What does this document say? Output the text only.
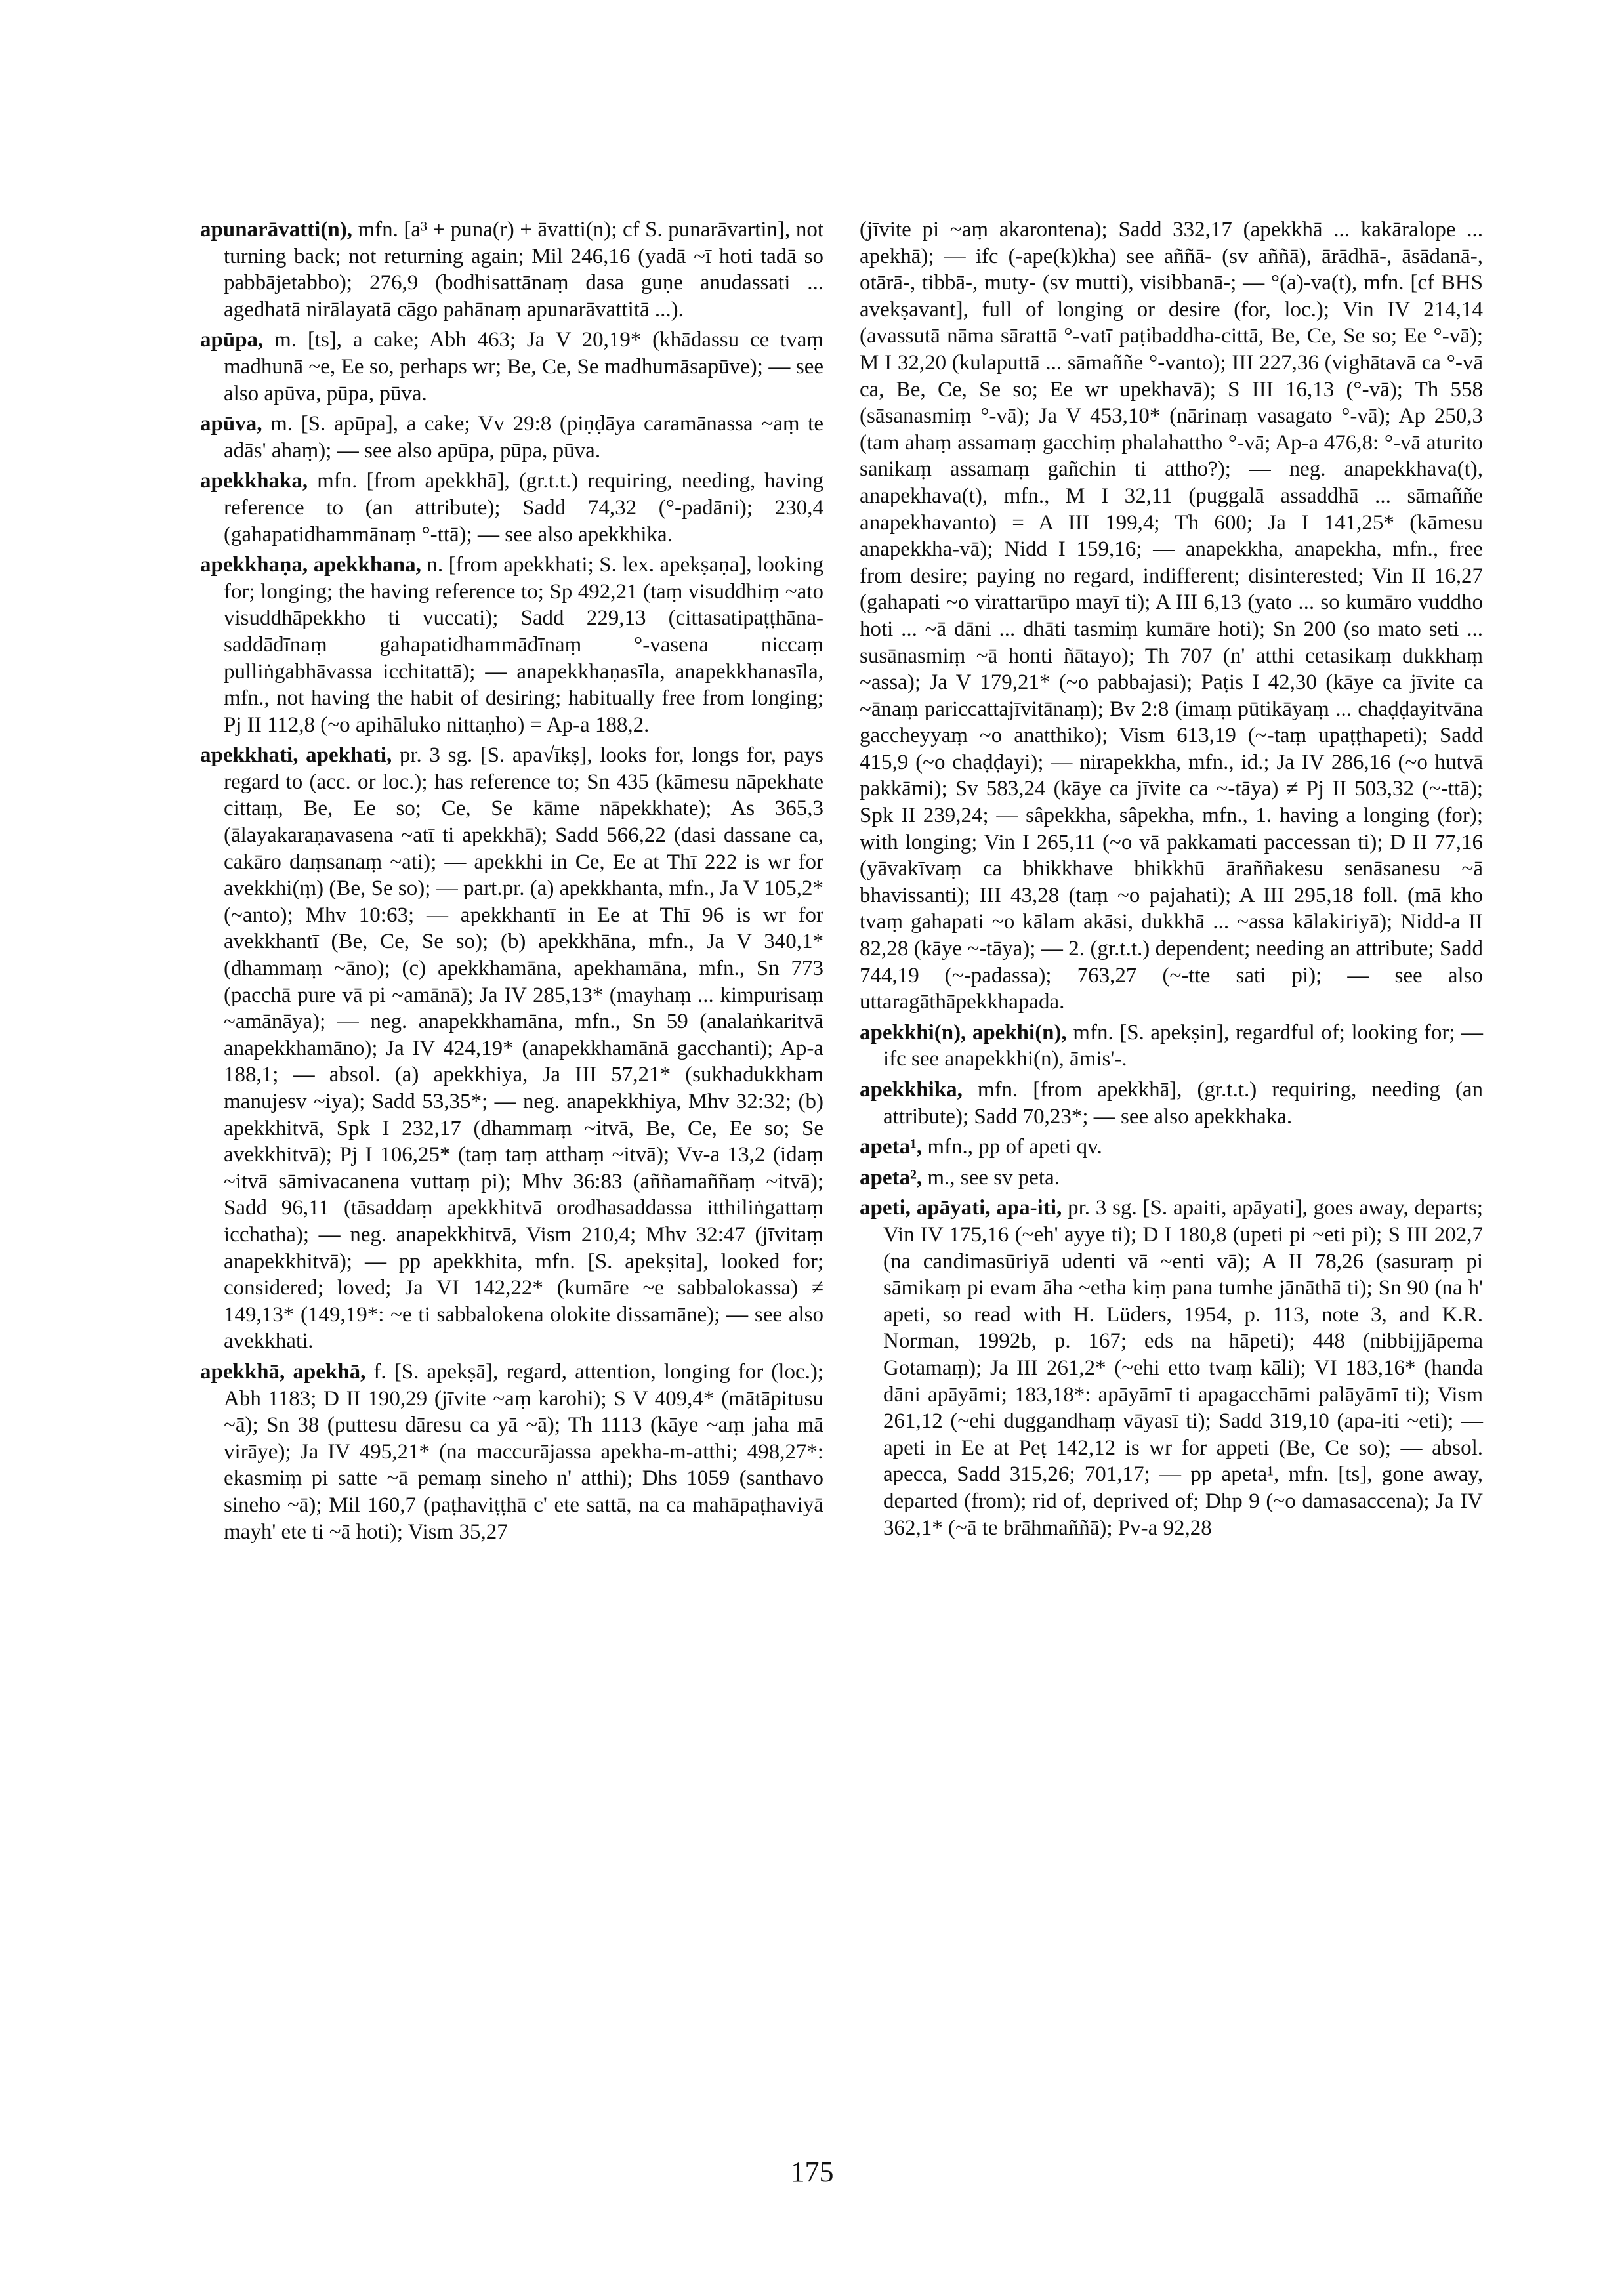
apunarāvatti(n), mfn. [a³ + puna(r) + āvatti(n); cf S. punarāvartin], not turning back; not returning again; Mil 246,16 (yadā ~ī hoti tadā so pabbājetabbo); 276,9 (bodhisattānaṃ dasa guṇe anudassati ... agedhatā nirālayatā cāgo pahānaṃ apunarāvattitā ...).

apūpa, m. [ts], a cake; Abh 463; Ja V 20,19* (khādassu ce tvaṃ madhunā ~e, Ee so, perhaps wr; Be, Ce, Se madhumāsapūve); — see also apūva, pūpa, pūva.

apūva, m. [S. apūpa], a cake; Vv 29:8 (piṇḍāya caramānassa ~aṃ te adās' ahaṃ); — see also apūpa, pūpa, pūva.

apekkhaka, mfn. [from apekkhā], (gr.t.t.) requiring, needing, having reference to (an attribute); Sadd 74,32 (°-padāni); 230,4 (gahapatidhammānaṃ °-ttā); — see also apekkhika.

apekkhaṇa, apekkhana, n. [from apekkhati; S. lex. apekṣaṇa], looking for; longing; the having reference to; Sp 492,21 (taṃ visuddhiṃ ~ato visuddhāpekkho ti vuccati); Sadd 229,13 (cittasatipaṭṭhāna-saddādīnaṃ gahapatidhammādīnaṃ °-vasena niccaṃ pulliṅgabhāvassa icchitattā); — anapekkhaṇasīla, anapekkhanasīla, mfn., not having the habit of desiring; habitually free from longing; Pj II 112,8 (~o apihāluko nittaṇho) = Ap-a 188,2.

apekkhati, apekhati, pr. 3 sg. [S. apa√īkṣ], looks for, longs for, pays regard to (acc. or loc.); has reference to; Sn 435 (kāmesu nāpekhate cittaṃ, Be, Ee so; Ce, Se kāme nāpekkhate); As 365,3 (ālayakaraṇavasena ~atī ti apekkhā); Sadd 566,22 (dasi dassane ca, cakāro daṃsanaṃ ~ati); — apekkhi in Ce, Ee at Thī 222 is wr for avekkhi(ṃ) (Be, Se so); — part.pr. (a) apekkhanta, mfn., Ja V 105,2* (~anto); Mhv 10:63; — apekkhantī in Ee at Thī 96 is wr for avekkhantī (Be, Ce, Se so); (b) apekkhāna, mfn., Ja V 340,1* (dhammaṃ ~āno); (c) apekkhamāna, apekhamāna, mfn., Sn 773 (pacchā pure vā pi ~amānā); Ja IV 285,13* (mayhaṃ ... kimpurisaṃ ~amānāya); — neg. anapekkhamāna, mfn., Sn 59 (analaṅkaritvā anapekkhamāno); Ja IV 424,19* (anapekkhamānā gacchanti); Ap-a 188,1; — absol. (a) apekkhiya, Ja III 57,21* (sukhadukkham manujesv ~iya); Sadd 53,35*; — neg. anapekkhiya, Mhv 32:32; (b) apekkhitvā, Spk I 232,17 (dhammaṃ ~itvā, Be, Ce, Ee so; Se avekkhitvā); Pj I 106,25* (taṃ taṃ atthaṃ ~itvā); Vv-a 13,2 (idaṃ ~itvā sāmivacanena vuttaṃ pi); Mhv 36:83 (aññamaññaṃ ~itvā); Sadd 96,11 (tāsaddaṃ apekkhitvā orodhasaddassa itthiliṅgattaṃ icchatha); — neg. anapekkhitvā, Vism 210,4; Mhv 32:47 (jīvitaṃ anapekkhitvā); — pp apekkhita, mfn. [S. apekṣita], looked for; considered; loved; Ja VI 142,22* (kumāre ~e sabbalokassa) ≠ 149,13* (149,19*: ~e ti sabbalokena olokite dissamāne); — see also avekkhati.

apekkhā, apekhā, f. [S. apekṣā], regard, attention, longing for (loc.); Abh 1183; D II 190,29 (jīvite ~aṃ karohi); S V 409,4* (mātāpitusu ~ā); Sn 38 (puttesu dāresu ca yā ~ā); Th 1113 (kāye ~aṃ jaha mā virāye); Ja IV 495,21* (na maccurājassa apekha-m-atthi; 498,27*: ekasmiṃ pi satte ~ā pemaṃ sineho n' atthi); Dhs 1059 (santhavo sineho ~ā); Mil 160,7 (paṭhaviṭṭhā c' ete sattā, na ca mahāpaṭhaviyā mayh' ete ti ~ā hoti); Vism 35,27

(jīvite pi ~aṃ akarontena); Sadd 332,17 (apekkhā ... kakāralope ... apekhā); — ifc (-ape(k)kha) see aññā- (sv aññā), ārādhā-, āsādanā-, otārā-, tibbā-, muty- (sv mutti), visibbanā-; — °(a)-va(t), mfn. [cf BHS avekṣavant], full of longing or desire (for, loc.); Vin IV 214,14 (avassutā nāma sārattā °-vatī paṭibaddha-cittā, Be, Ce, Se so; Ee °-vā); M I 32,20 (kulaputtā ... sāmaññe °-vanto); III 227,36 (vighātavā ca °-vā ca, Be, Ce, Se so; Ee wr upekhavā); S III 16,13 (°-vā); Th 558 (sāsanasmiṃ °-vā); Ja V 453,10* (nārinaṃ vasagato °-vā); Ap 250,3 (tam ahaṃ assamaṃ gacchiṃ phalahattho °-vā; Ap-a 476,8: °-vā aturito sanikaṃ assamaṃ gañchin ti attho?); — neg. anapekkhava(t), anapekhava(t), mfn., M I 32,11 (puggalā assaddhā ... sāmaññe anapekhavanto) = A III 199,4; Th 600; Ja I 141,25* (kāmesu anapekkha-vā); Nidd I 159,16; — anapekkha, anapekha, mfn., free from desire; paying no regard, indifferent; disinterested; Vin II 16,27 (gahapati ~o virattarūpo mayī ti); A III 6,13 (yato ... so kumāro vuddho hoti ... ~ā dāni ... dhāti tasmiṃ kumāre hoti); Sn 200 (so mato seti ... susānasmiṃ ~ā honti ñātayo); Th 707 (n' atthi cetasikaṃ dukkhaṃ ~assa); Ja V 179,21* (~o pabbajasi); Paṭis I 42,30 (kāye ca jīvite ca ~ānaṃ pariccattajīvitānaṃ); Bv 2:8 (imaṃ pūtikāyaṃ ... chaḍḍayitvāna gaccheyyaṃ ~o anatthiko); Vism 613,19 (~-taṃ upaṭṭhapeti); Sadd 415,9 (~o chaḍḍayi); — nirapekkha, mfn., id.; Ja IV 286,16 (~o hutvā pakkāmi); Sv 583,24 (kāye ca jīvite ca ~-tāya) ≠ Pj II 503,32 (~-ttā); Spk II 239,24; — sâpekkha, sâpekha, mfn., 1. having a longing (for); with longing; Vin I 265,11 (~o vā pakkamati paccessan ti); D II 77,16 (yāvakīvaṃ ca bhikkhave bhikkhū āraññakesu senāsanesu ~ā bhavissanti); III 43,28 (taṃ ~o pajahati); A III 295,18 foll. (mā kho tvaṃ gahapati ~o kālam akāsi, dukkhā ... ~assa kālakiriyā); Nidd-a II 82,28 (kāye ~-tāya); — 2. (gr.t.t.) dependent; needing an attribute; Sadd 744,19 (~-padassa); 763,27 (~-tte sati pi); — see also uttaragāthāpekkhapada.

apekkhi(n), apekhi(n), mfn. [S. apekṣin], regardful of; looking for; — ifc see anapekkhi(n), āmis'-.

apekkhika, mfn. [from apekkhā], (gr.t.t.) requiring, needing (an attribute); Sadd 70,23*; — see also apekkhaka.

apeta¹, mfn., pp of apeti qv.

apeta², m., see sv peta.

apeti, apāyati, apa-iti, pr. 3 sg. [S. apaiti, apāyati], goes away, departs; Vin IV 175,16 (~eh' ayye ti); D I 180,8 (upeti pi ~eti pi); S III 202,7 (na candimasūriyā udenti vā ~enti vā); A II 78,26 (sasuraṃ pi sāmikaṃ pi evam āha ~etha kiṃ pana tumhe jānāthā ti); Sn 90 (na h' apeti, so read with H. Lüders, 1954, p. 113, note 3, and K.R. Norman, 1992b, p. 167; eds na hāpeti); 448 (nibbijjāpema Gotamaṃ); Ja III 261,2* (~ehi etto tvaṃ kāli); VI 183,16* (handa dāni apāyāmi; 183,18*: apāyāmī ti apagacchāmi palāyāmī ti); Vism 261,12 (~ehi duggandhaṃ vāyasī ti); Sadd 319,10 (apa-iti ~eti); — apeti in Ee at Peṭ 142,12 is wr for appeti (Be, Ce so); — absol. apecca, Sadd 315,26; 701,17; — pp apeta¹, mfn. [ts], gone away, departed (from); rid of, deprived of; Dhp 9 (~o damasaccena); Ja IV 362,1* (~ā te brāhmaññā); Pv-a 92,28

175
